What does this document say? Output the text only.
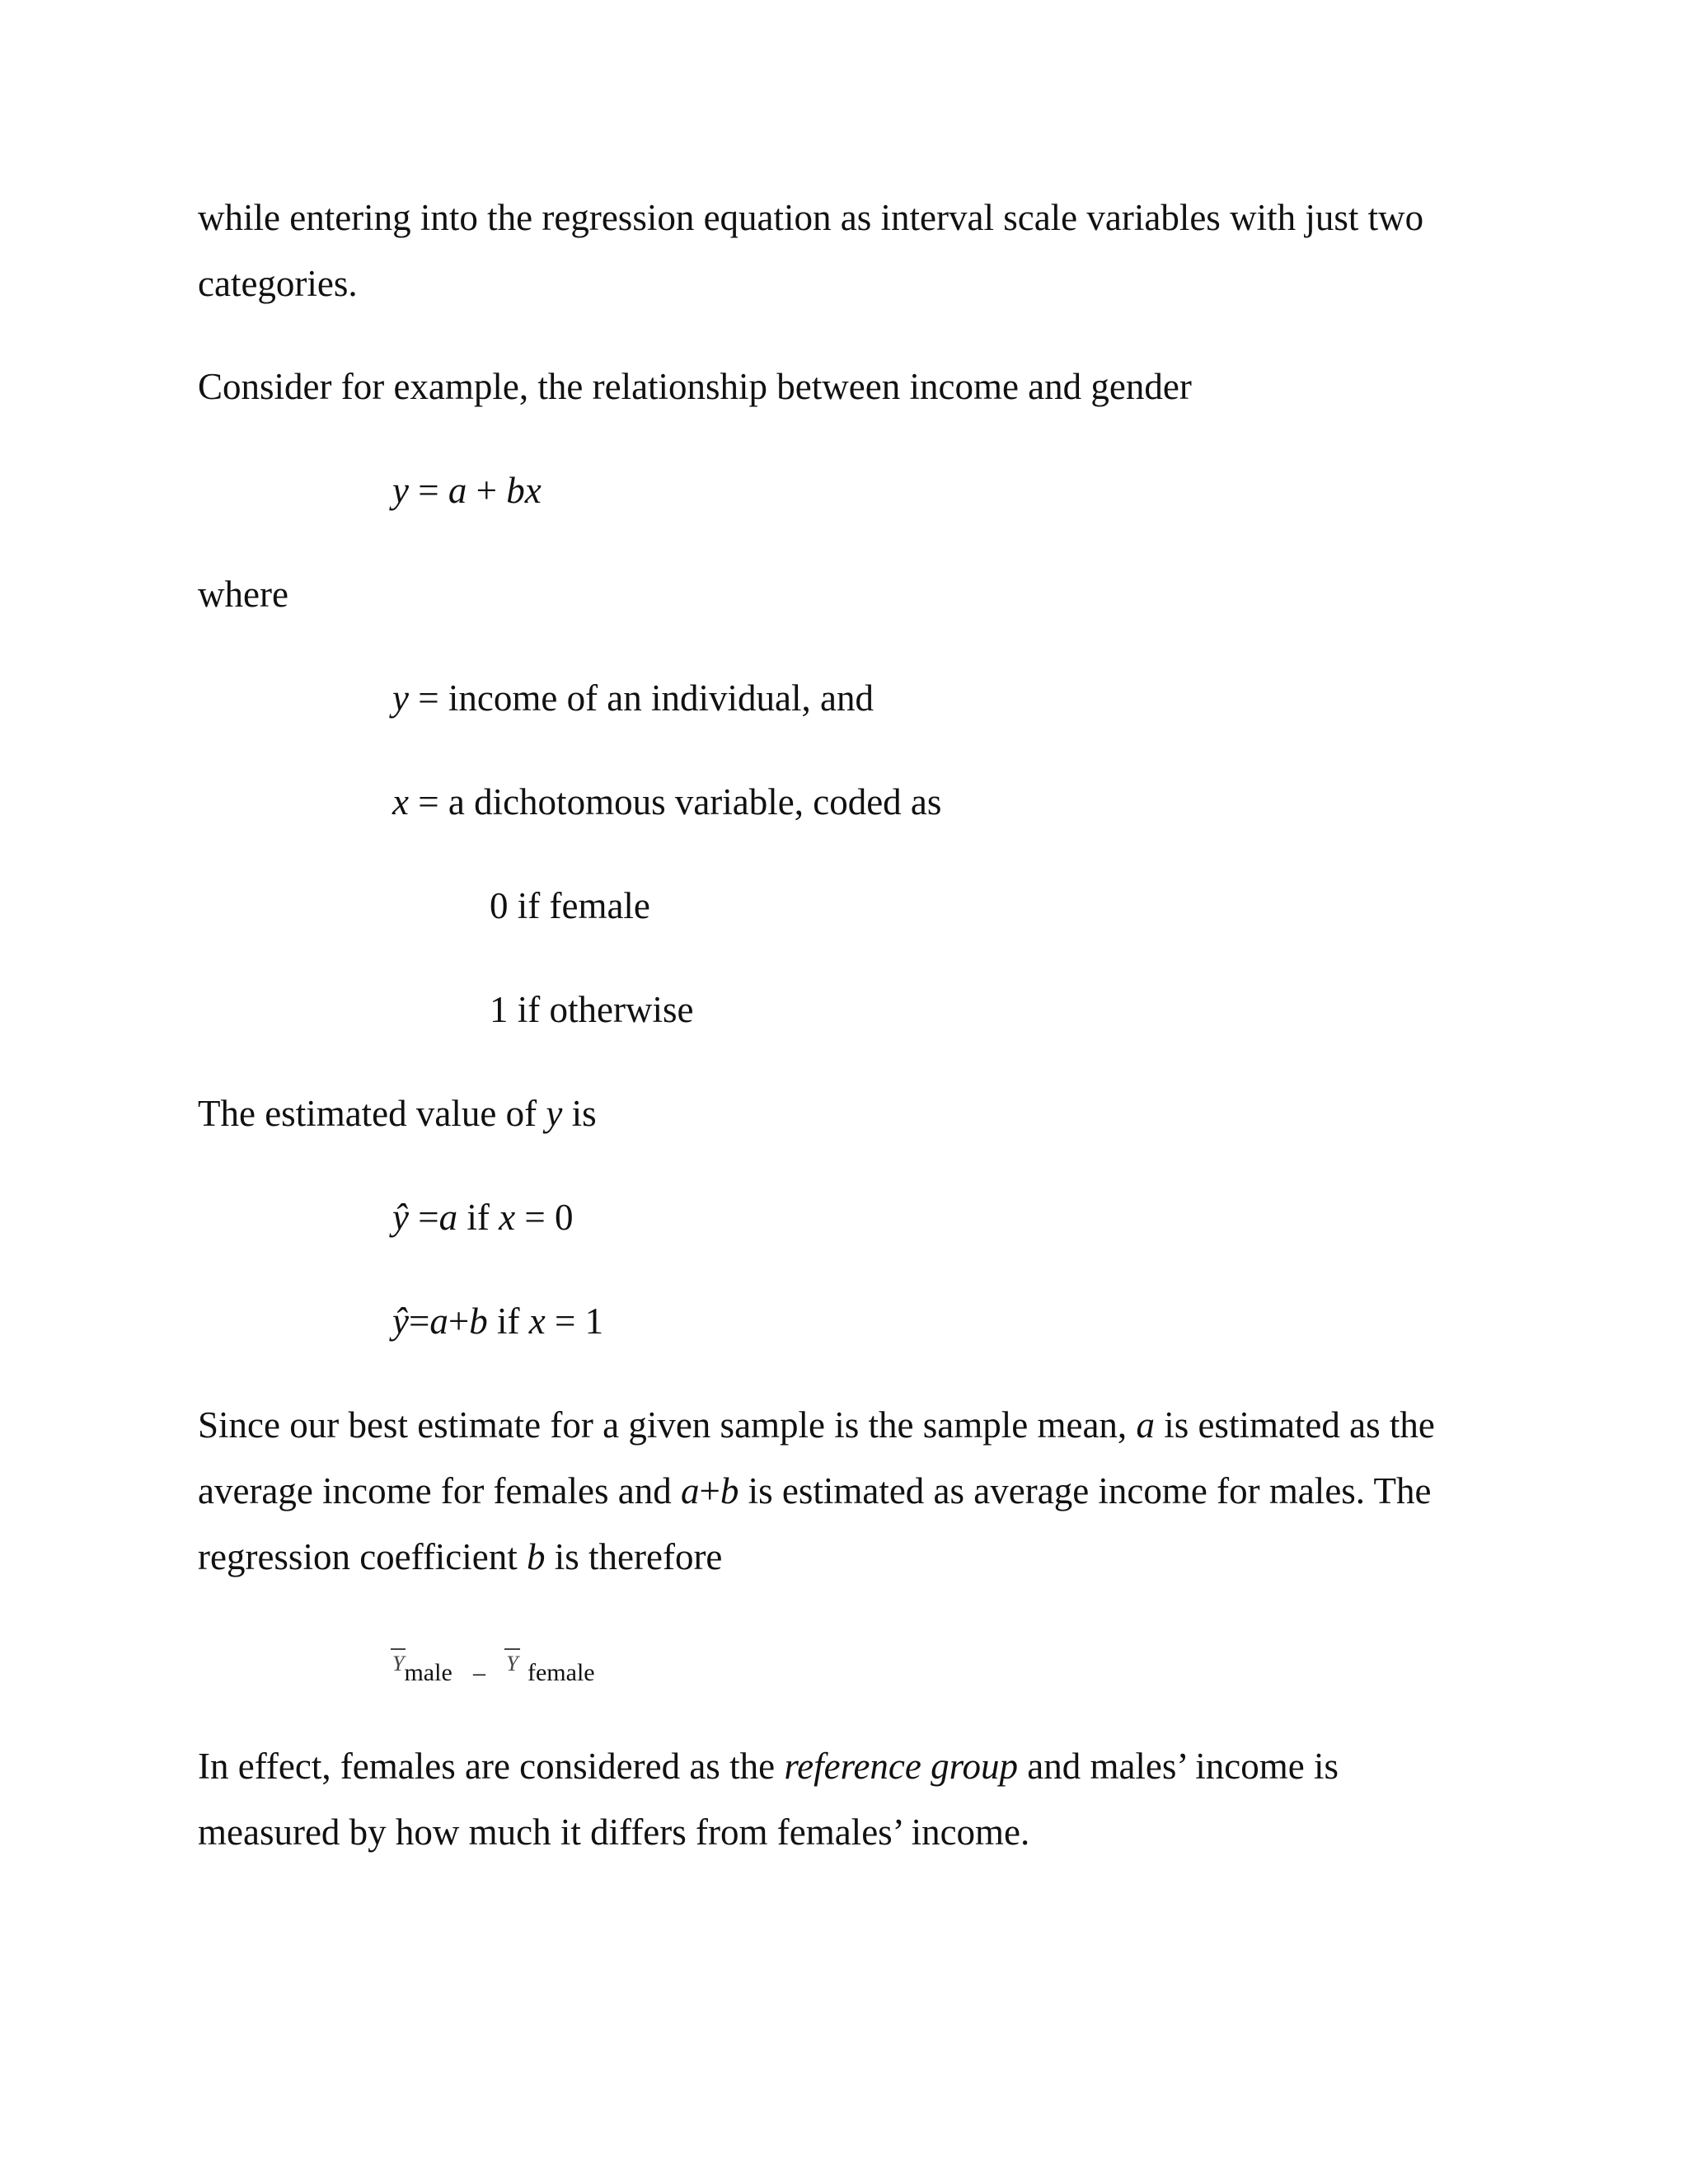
while entering into the regression equation as interval scale variables with just two
categories.
Consider for example, the relationship between income and gender
y = a + bx
where
y = income of an individual, and
x = a dichotomous variable, coded as
0 if female
1 if otherwise
The estimated value of y is
ŷ =a if x = 0
ŷ=a+b if x = 1
Since our best estimate for a given sample is the sample mean, a is estimated as the
average income for females and a+b is estimated as average income for males. The
regression coefficient b is therefore
Ymale – Y female
In effect, females are considered as the reference group and males’ income is
measured by how much it differs from females’ income.
